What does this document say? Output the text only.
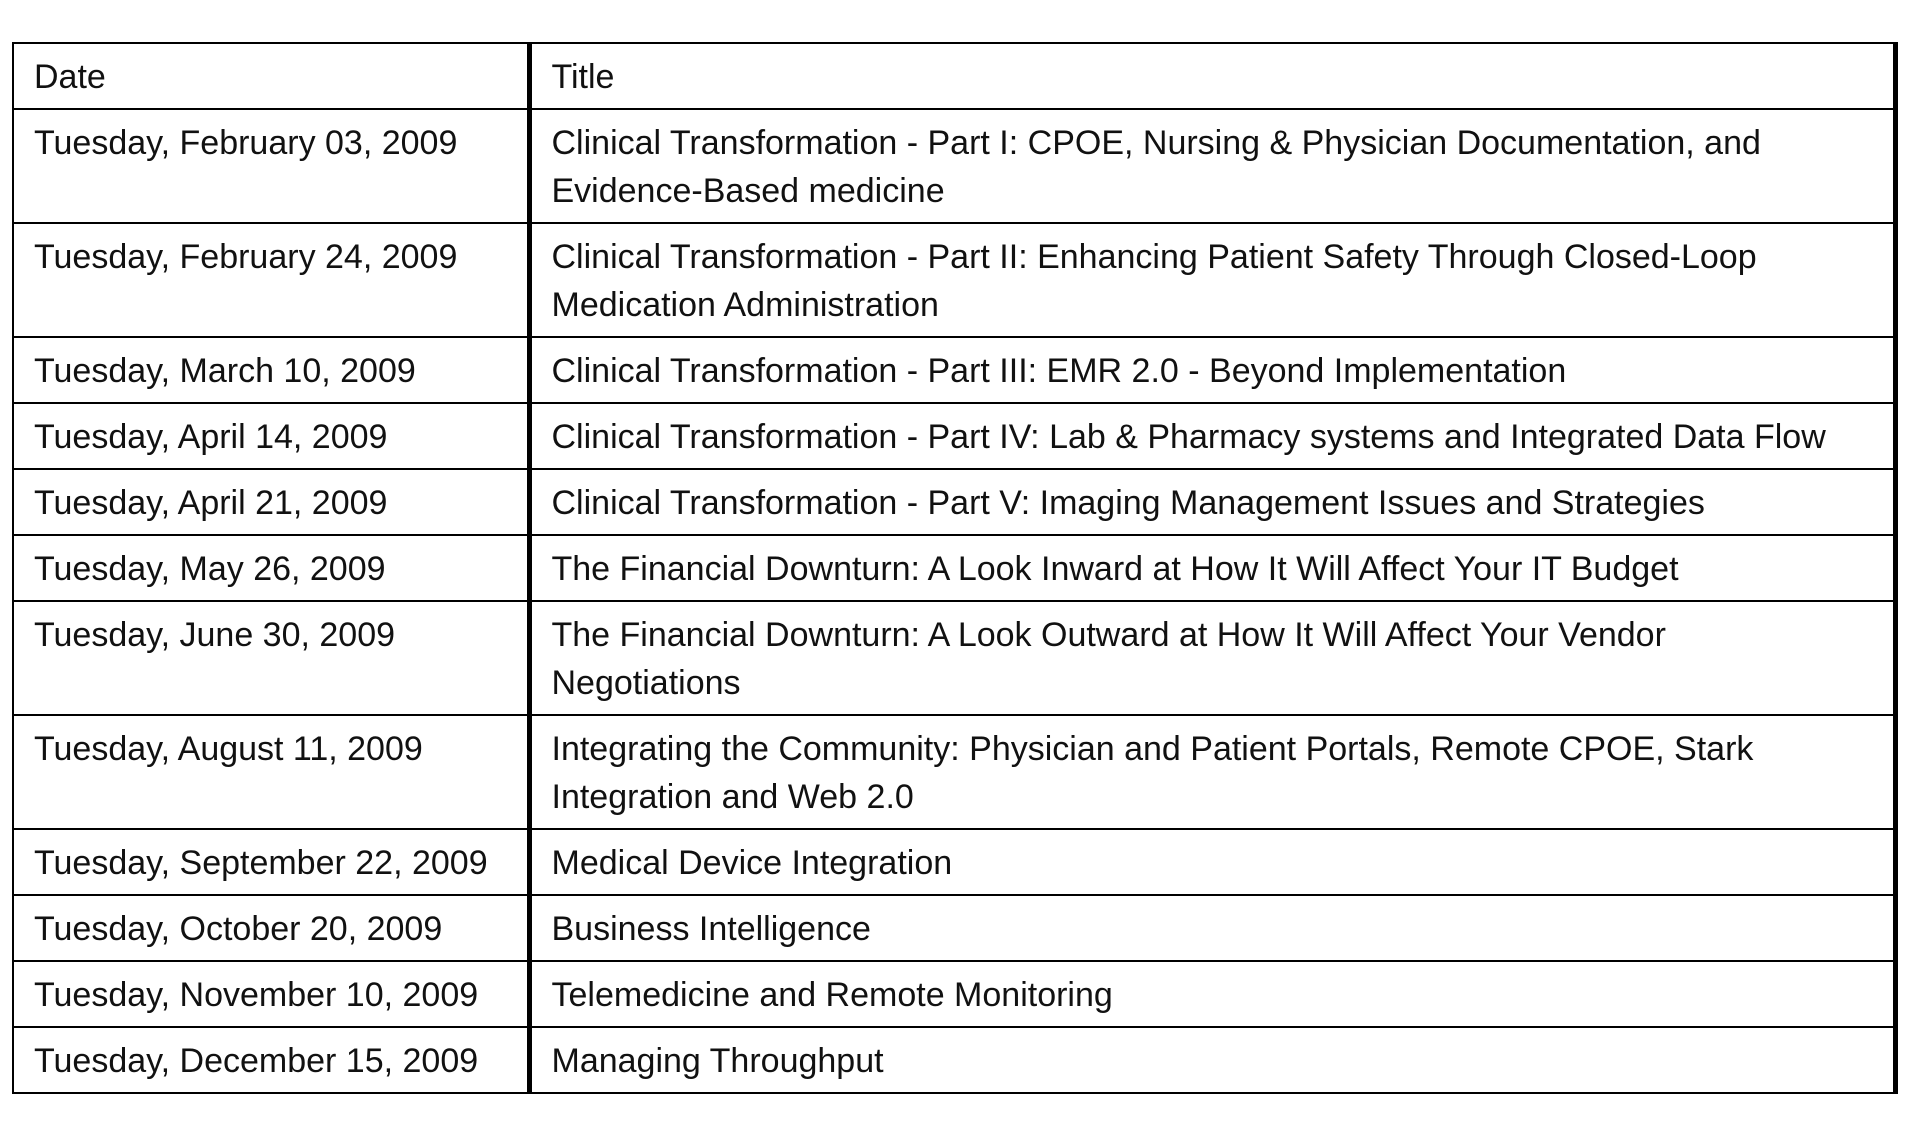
Date	Title
Tuesday, February 03, 2009	Clinical Transformation - Part I: CPOE, Nursing & Physician Documentation, and Evidence-Based medicine
Tuesday, February 24, 2009	Clinical Transformation - Part II: Enhancing Patient Safety Through Closed-Loop Medication Administration
Tuesday, March 10, 2009	Clinical Transformation - Part III: EMR 2.0 - Beyond Implementation
Tuesday, April 14, 2009	Clinical Transformation - Part IV: Lab & Pharmacy systems and Integrated Data Flow
Tuesday, April 21, 2009	Clinical Transformation - Part V: Imaging Management Issues and Strategies
Tuesday, May 26, 2009	The Financial Downturn: A Look Inward at How It Will Affect Your IT Budget
Tuesday, June 30, 2009	The Financial Downturn: A Look Outward at How It Will Affect Your Vendor Negotiations
Tuesday, August 11, 2009	Integrating the Community: Physician and Patient Portals, Remote CPOE, Stark Integration and Web 2.0
Tuesday, September 22, 2009	Medical Device Integration
Tuesday, October 20, 2009	Business Intelligence
Tuesday, November 10, 2009	Telemedicine and Remote Monitoring
Tuesday, December 15, 2009	Managing Throughput
